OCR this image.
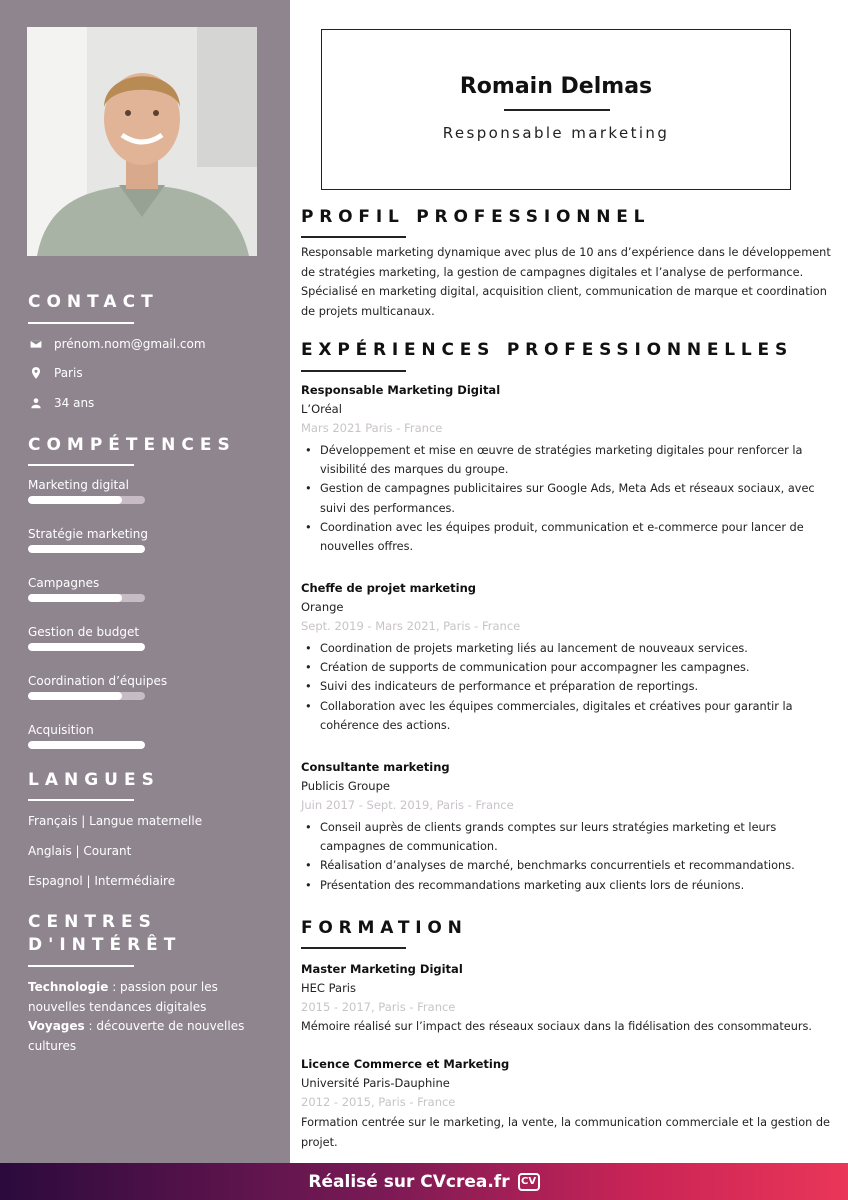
CONTACT
prénom.nom@gmail.com
Paris
34 ans
COMPÉTENCES
Marketing digital
Stratégie marketing
Campagnes
Gestion de budget
Coordination d’équipes
Acquisition
LANGUES
Français | Langue maternelle
Anglais | Courant
Espagnol | Intermédiaire
CENTRES
D'INTÉRÊT
Technologie : passion pour les nouvelles tendances digitales
Voyages : découverte de nouvelles cultures
Romain Delmas
Responsable marketing
PROFIL PROFESSIONNEL
Responsable marketing dynamique avec plus de 10 ans d’expérience dans le développement de stratégies marketing, la gestion de campagnes digitales et l’analyse de performance. Spécialisé en marketing digital, acquisition client, communication de marque et coordination de projets multicanaux.
EXPÉRIENCES PROFESSIONNELLES
Responsable Marketing Digital
L’Oréal
Mars 2021 Paris - France
• Développement et mise en œuvre de stratégies marketing digitales pour renforcer la visibilité des marques du groupe.
• Gestion de campagnes publicitaires sur Google Ads, Meta Ads et réseaux sociaux, avec suivi des performances.
• Coordination avec les équipes produit, communication et e-commerce pour lancer de nouvelles offres.
Cheffe de projet marketing
Orange
Sept. 2019 - Mars 2021, Paris - France
• Coordination de projets marketing liés au lancement de nouveaux services.
• Création de supports de communication pour accompagner les campagnes.
• Suivi des indicateurs de performance et préparation de reportings.
• Collaboration avec les équipes commerciales, digitales et créatives pour garantir la cohérence des actions.
Consultante marketing
Publicis Groupe
Juin 2017 - Sept. 2019, Paris - France
• Conseil auprès de clients grands comptes sur leurs stratégies marketing et leurs campagnes de communication.
• Réalisation d’analyses de marché, benchmarks concurrentiels et recommandations.
• Présentation des recommandations marketing aux clients lors de réunions.
FORMATION
Master Marketing Digital
HEC Paris
2015 - 2017, Paris - France
Mémoire réalisé sur l’impact des réseaux sociaux dans la fidélisation des consommateurs.
Licence Commerce et Marketing
Université Paris-Dauphine
2012 - 2015, Paris - France
Formation centrée sur le marketing, la vente, la communication commerciale et la gestion de projet.
Réalisé sur CVcrea.fr	CV
